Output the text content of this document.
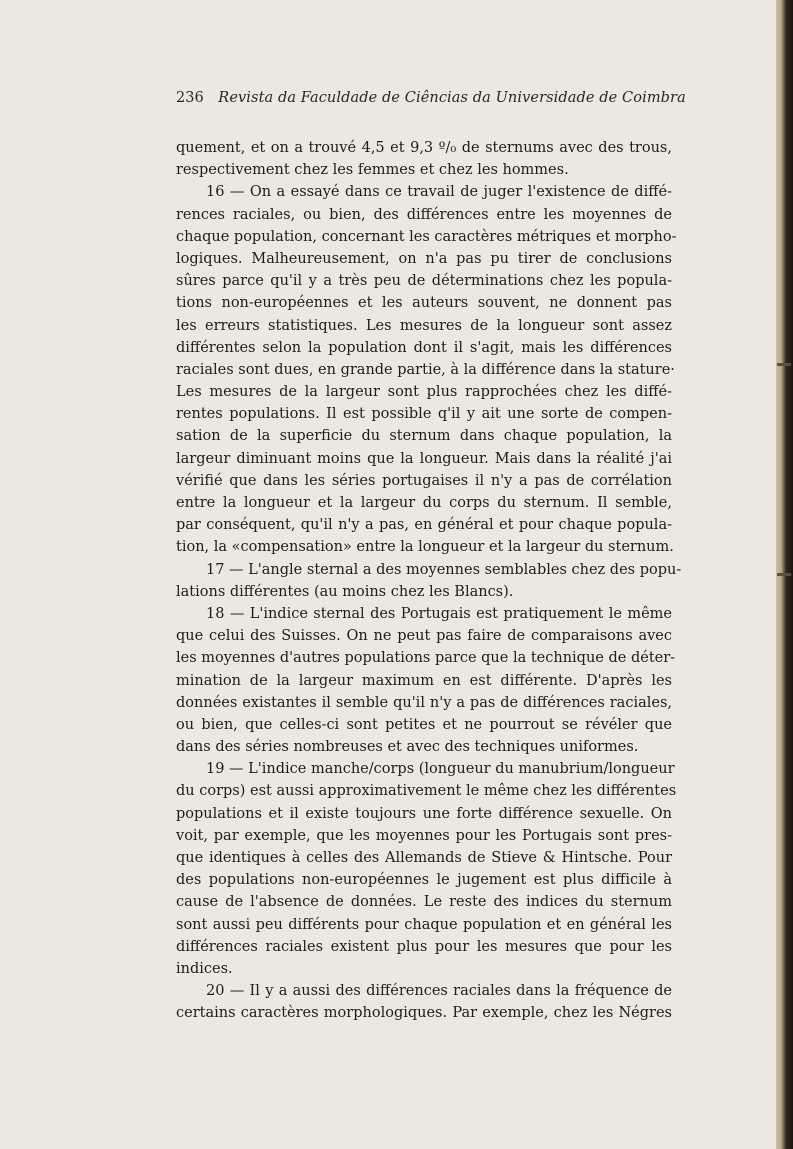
236 Revista da Faculdade de Ciências da Universidade de Coimbra
quement, et on a trouvé 4,5 et 9,3 º/₀ de sternums avec des trous,
respectivement chez les femmes et chez les hommes.
16 — On a essayé dans ce travail de juger l'existence de diffé-
rences raciales, ou bien, des différences entre les moyennes de
chaque population, concernant les caractères métriques et morpho-
logiques. Malheureusement, on n'a pas pu tirer de conclusions
sûres parce qu'il y a très peu de déterminations chez les popula-
tions non-européennes et les auteurs souvent, ne donnent pas
les erreurs statistiques. Les mesures de la longueur sont assez
différentes selon la population dont il s'agit, mais les différences
raciales sont dues, en grande partie, à la différence dans la stature·
Les mesures de la largeur sont plus rapprochées chez les diffé-
rentes populations. Il est possible q'il y ait une sorte de compen-
sation de la superficie du sternum dans chaque population, la
largeur diminuant moins que la longueur. Mais dans la réalité j'ai
vérifié que dans les séries portugaises il n'y a pas de corrélation
entre la longueur et la largeur du corps du sternum. Il semble,
par conséquent, qu'il n'y a pas, en général et pour chaque popula-
tion, la «compensation» entre la longueur et la largeur du sternum.
17 — L'angle sternal a des moyennes semblables chez des popu-
lations différentes (au moins chez les Blancs).
18 — L'indice sternal des Portugais est pratiquement le même
que celui des Suisses. On ne peut pas faire de comparaisons avec
les moyennes d'autres populations parce que la technique de déter-
mination de la largeur maximum en est différente. D'après les
données existantes il semble qu'il n'y a pas de différences raciales,
ou bien, que celles-ci sont petites et ne pourrout se révéler que
dans des séries nombreuses et avec des techniques uniformes.
19 — L'indice manche/corps (longueur du manubrium/longueur
du corps) est aussi approximativement le même chez les différentes
populations et il existe toujours une forte différence sexuelle. On
voit, par exemple, que les moyennes pour les Portugais sont pres-
que identiques à celles des Allemands de Stieve & Hintsche. Pour
des populations non-européennes le jugement est plus difficile à
cause de l'absence de données. Le reste des indices du sternum
sont aussi peu différents pour chaque population et en général les
différences raciales existent plus pour les mesures que pour les
indices.
20 — Il y a aussi des différences raciales dans la fréquence de
certains caractères morphologiques. Par exemple, chez les Négres
